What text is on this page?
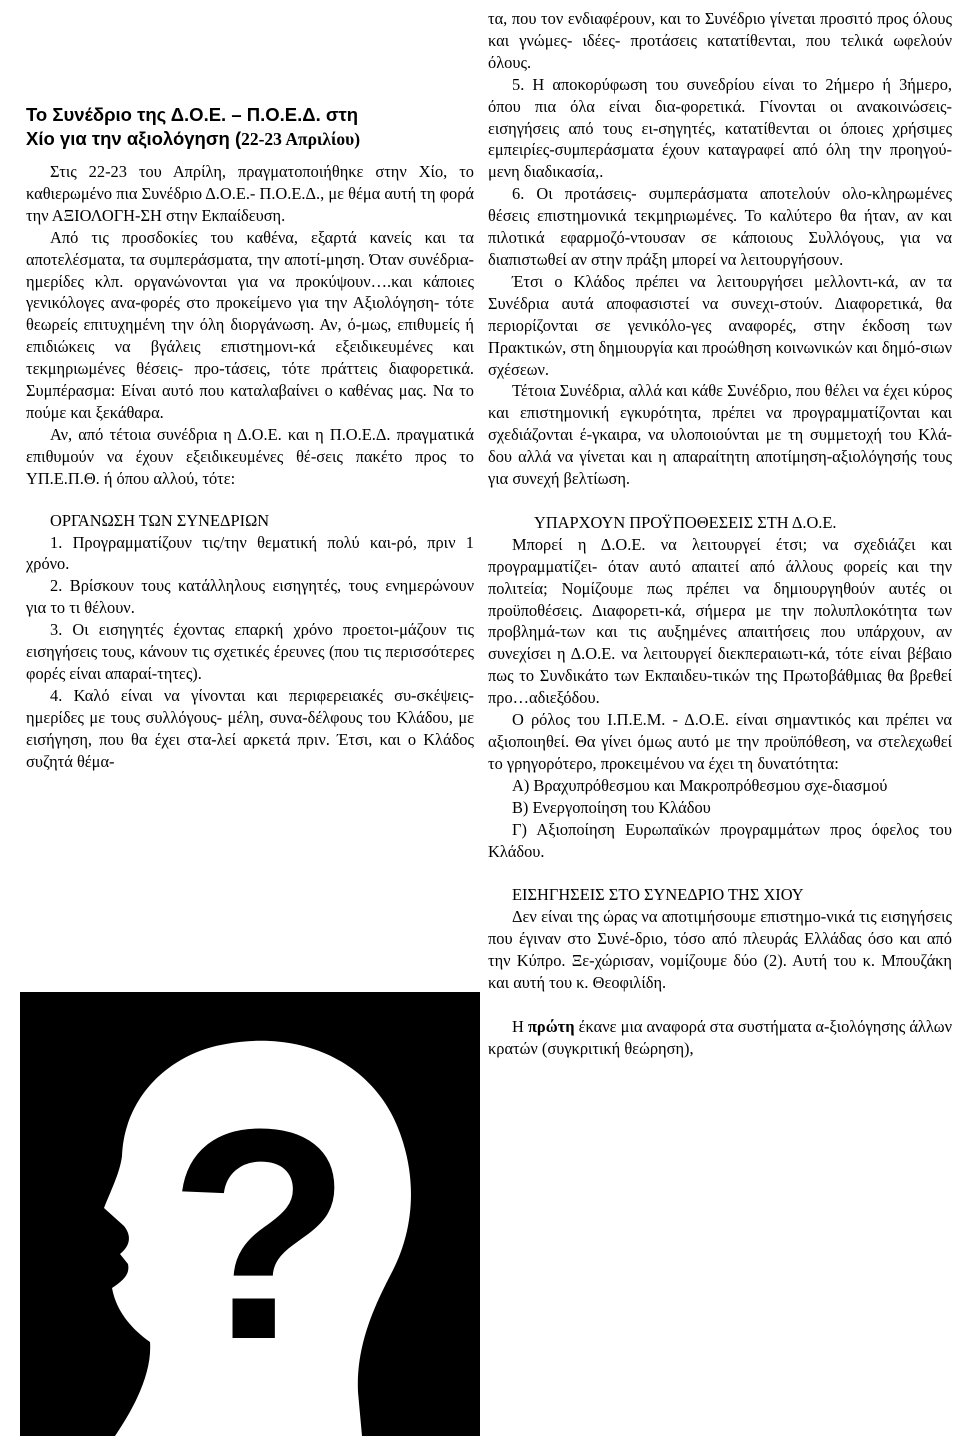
Το Συνέδριο της Δ.Ο.Ε. – Π.Ο.Ε.Δ. στη
Χίο για την αξιολόγηση (22-23 Απριλίου)

Στις 22-23 του Απρίλη, πραγματοποιήθηκε στην Χίο, το καθιερωμένο πια Συνέδριο Δ.Ο.Ε.- Π.Ο.Ε.Δ., με θέμα αυτή τη φορά την ΑΞΙΟΛΟΓΗ-ΣΗ στην Εκπαίδευση.

Από τις προσδοκίες του καθένα, εξαρτά κανείς και τα αποτελέσματα, τα συμπεράσματα, την αποτί-μηση. Όταν συνέδρια- ημερίδες κλπ. οργανώνονται για να προκύψουν….και κάποιες γενικόλογες ανα-φορές στο προκείμενο για την Αξιολόγηση- τότε θεωρείς επιτυχημένη την όλη διοργάνωση. Αν, ό-μως, επιθυμείς ή επιδιώκεις να βγάλεις επιστημονι-κά εξειδικευμένες και τεκμηριωμένες θέσεις- προ-τάσεις, τότε πράττεις διαφορετικά. Συμπέρασμα: Είναι αυτό που καταλαβαίνει ο καθένας μας. Να το πούμε και ξεκάθαρα.

Αν, από τέτοια συνέδρια η Δ.Ο.Ε. και η Π.Ο.Ε.Δ. πραγματικά επιθυμούν να έχουν εξειδικευμένες θέ-σεις πακέτο προς το ΥΠ.Ε.Π.Θ. ή όπου αλλού, τότε:

ΟΡΓΑΝΩΣΗ ΤΩΝ ΣΥΝΕΔΡΙΩΝ

1. Προγραμματίζουν τις/την θεματική πολύ και-ρό, πριν 1 χρόνο.

2. Βρίσκουν τους κατάλληλους εισηγητές, τους ενημερώνουν για το τι θέλουν.

3. Οι εισηγητές έχοντας επαρκή χρόνο προετοι-μάζουν τις εισηγήσεις τους, κάνουν τις σχετικές έρευνες (που τις περισσότερες φορές είναι απαραί-τητες).

4. Καλό είναι να γίνονται και περιφερειακές συ-σκέψεις- ημερίδες με τους συλλόγους- μέλη, συνα-δέλφους του Κλάδου, με εισήγηση, που θα έχει στα-λεί αρκετά πριν. Έτσι, και ο Κλάδος συζητά θέμα-

τα, που τον ενδιαφέρουν, και το Συνέδριο γίνεται προσιτό προς όλους και γνώμες- ιδέες- προτάσεις κατατίθενται, που τελικά ωφελούν όλους.

5. Η αποκορύφωση του συνεδρίου είναι το 2ήμερο ή 3ήμερο, όπου πια όλα είναι δια-φορετικά. Γίνονται οι ανακοινώσεις- εισηγήσεις από τους ει-σηγητές, κατατίθενται οι όποιες χρήσιμες εμπειρίες-συμπεράσματα έχουν καταγραφεί από όλη την προηγού-μενη διαδικασία,.

6. Οι προτάσεις- συμπεράσματα αποτελούν ολο-κληρωμένες θέσεις επιστημονικά τεκμηριωμένες. Το καλύτερο θα ήταν, αν και πιλοτικά εφαρμοζό-ντουσαν σε κάποιους Συλλόγους, για να διαπιστωθεί αν στην πράξη μπορεί να λειτουργήσουν.

Έτσι ο Κλάδος πρέπει να λειτουργήσει μελλοντι-κά, αν τα Συνέδρια αυτά αποφασιστεί να συνεχι-στούν. Διαφορετικά, θα περιορίζονται σε γενικόλο-γες αναφορές, στην έκδοση των Πρακτικών, στη δημιουργία και προώθηση κοινωνικών και δημό-σιων σχέσεων.

Τέτοια Συνέδρια, αλλά και κάθε Συνέδριο, που θέλει να έχει κύρος και επιστημονική εγκυρότητα, πρέπει να προγραμματίζονται και σχεδιάζονται έ-γκαιρα, να υλοποιούνται με τη συμμετοχή του Κλά-δου αλλά να γίνεται και η απαραίτητη αποτίμηση-αξιολόγησής τους για συνεχή βελτίωση.

ΥΠΑΡΧΟΥΝ ΠΡΟΫΠΟΘΕΣΕΙΣ ΣΤΗ Δ.Ο.Ε.

Μπορεί η Δ.Ο.Ε. να λειτουργεί έτσι; να σχεδιάζει και προγραμματίζει- όταν αυτό απαιτεί από άλλους φορείς και την πολιτεία; Νομίζουμε πως πρέπει να δημιουργηθούν αυτές οι προϋποθέσεις. Διαφορετι-κά, σήμερα με την πολυπλοκότητα των προβλημά-των και τις αυξημένες απαιτήσεις που υπάρχουν, αν συνεχίσει η Δ.Ο.Ε. να λειτουργεί διεκπεραιωτι-κά, τότε είναι βέβαιο πως το Συνδικάτο των Εκπαιδευ-τικών της Πρωτοβάθμιας θα βρεθεί προ…αδιεξόδου.

Ο ρόλος του Ι.Π.Ε.Μ. - Δ.Ο.Ε. είναι σημαντικός και πρέπει να αξιοποιηθεί. Θα γίνει όμως αυτό με την προϋπόθεση, να στελεχωθεί το γρηγορότερο, προκειμένου να έχει τη δυνατότητα:

Α) Βραχυπρόθεσμου και Μακροπρόθεσμου σχε-διασμού

Β) Ενεργοποίηση του Κλάδου

Γ) Αξιοποίηση Ευρωπαϊκών προγραμμάτων προς όφελος του Κλάδου.

ΕΙΣΗΓΗΣΕΙΣ ΣΤΟ ΣΥΝΕΔΡΙΟ ΤΗΣ ΧΙΟΥ

Δεν είναι της ώρας να αποτιμήσουμε επιστημο-νικά τις εισηγήσεις που έγιναν στο Συνέ-δριο, τόσο από πλευράς Ελλάδας όσο και από την Κύπρο. Ξε-χώρισαν, νομίζουμε δύο (2). Αυτή του κ. Μπουζάκη και αυτή του κ. Θεοφιλίδη.

Η πρώτη έκανε μια αναφορά στα συστήματα α-ξιολόγησης άλλων κρατών (συγκριτική θεώρηση),

?
14
